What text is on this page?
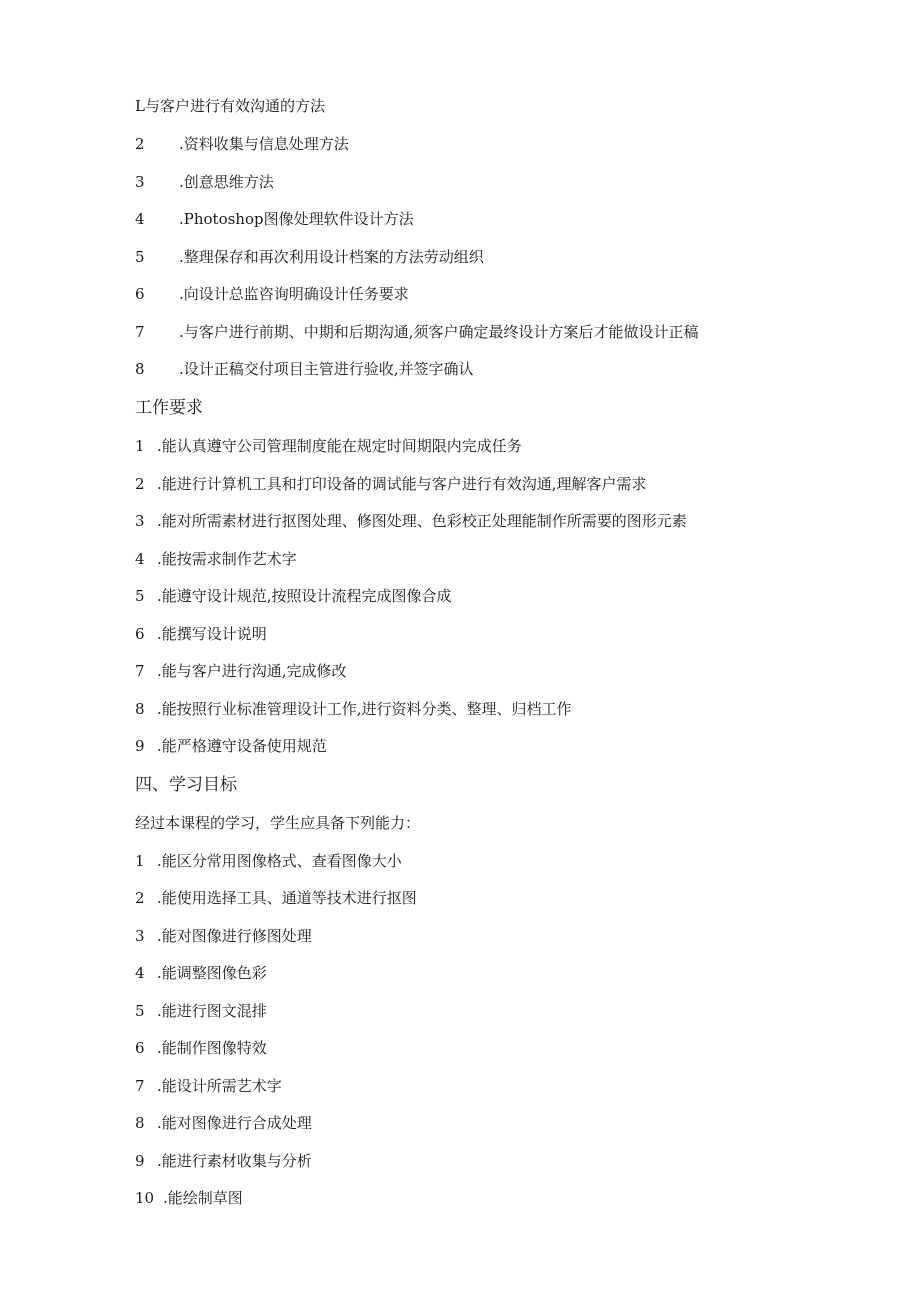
L与客户进行有效沟通的方法
2 .资料收集与信息处理方法
3 .创意思维方法
4 .Photoshop图像处理软件设计方法
5 .整理保存和再次利用设计档案的方法劳动组织
6 .向设计总监咨询明确设计任务要求
7 .与客户进行前期、中期和后期沟通,须客户确定最终设计方案后才能做设计正稿
8 .设计正稿交付项目主管进行验收,并签字确认
工作要求
1 .能认真遵守公司管理制度能在规定时间期限内完成任务
2 .能进行计算机工具和打印设备的调试能与客户进行有效沟通,理解客户需求
3 .能对所需素材进行抠图处理、修图处理、色彩校正处理能制作所需要的图形元素
4 .能按需求制作艺术字
5 .能遵守设计规范,按照设计流程完成图像合成
6 .能撰写设计说明
7 .能与客户进行沟通,完成修改
8 .能按照行业标准管理设计工作,进行资料分类、整理、归档工作
9 .能严格遵守设备使用规范
四、学习目标
经过本课程的学习，学生应具备下列能力：
1 .能区分常用图像格式、查看图像大小
2 .能使用选择工具、通道等技术进行抠图
3 .能对图像进行修图处理
4 .能调整图像色彩
5 .能进行图文混排
6 .能制作图像特效
7 .能设计所需艺术字
8 .能对图像进行合成处理
9 .能进行素材收集与分析
10 .能绘制草图
